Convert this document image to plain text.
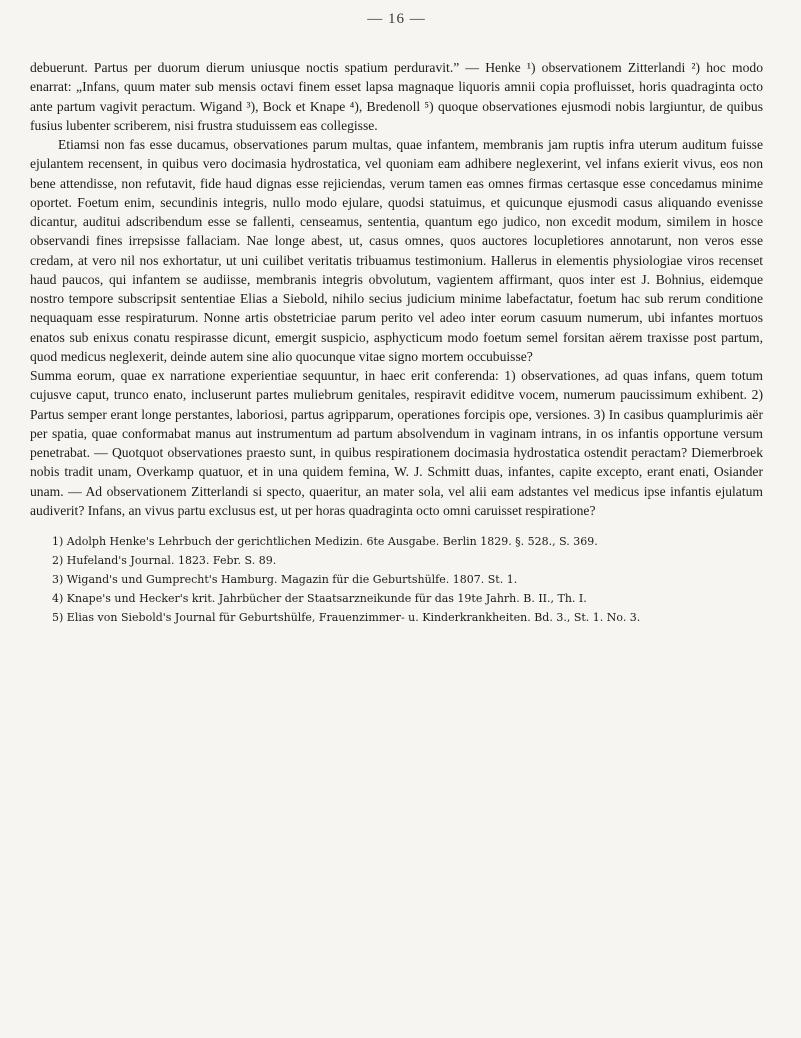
— 16 —

debuerunt. Partus per duorum dierum uniusque noctis spatium perduravit.” — Henke ¹) observationem Zitterlandi ²) hoc modo enarrat: „Infans, quum mater sub mensis octavi finem esset lapsa magnaque liquoris amnii copia profluisset, horis quadraginta octo ante partum vagivit peractum. Wigand ³), Bock et Knape ⁴), Bredenoll ⁵) quoque observationes ejusmodi nobis largiuntur, de quibus fusius lubenter scriberem, nisi frustra studuissem eas collegisse.

Etiamsi non fas esse ducamus, observationes parum multas, quae infantem, membranis jam ruptis infra uterum auditum fuisse ejulantem recensent, in quibus vero docimasia hydrostatica, vel quoniam eam adhibere neglexerint, vel infans exierit vivus, eos non bene attendisse, non refutavit, fide haud dignas esse rejiciendas, verum tamen eas omnes firmas certasque esse concedamus minime oportet. Foetum enim, secundinis integris, nullo modo ejulare, quodsi statuimus, et quicunque ejusmodi casus aliquando evenisse dicantur, auditui adscribendum esse se fallenti, censeamus, sententia, quantum ego judico, non excedit modum, similem in hosce observandi fines irrepsisse fallaciam. Nae longe abest, ut, casus omnes, quos auctores locupletiores annotarunt, non veros esse credam, at vero nil nos exhortatur, ut uni cuilibet veritatis tribuamus testimonium. Hallerus in elementis physiologiae viros recenset haud paucos, qui infantem se audiisse, membranis integris obvolutum, vagientem affirmant, quos inter est J. Bohnius, eidemque nostro tempore subscripsit sententiae Elias a Siebold, nihilo secius judicium minime labefactatur, foetum hac sub rerum conditione nequaquam esse respiraturum. Nonne artis obstetriciae parum perito vel adeo inter eorum casuum numerum, ubi infantes mortuos enatos sub enixus conatu respirasse dicunt, emergit suspicio, asphycticum modo foetum semel forsitan aërem traxisse post partum, quod medicus neglexerit, deinde autem sine alio quocunque vitae signo mortem occubuisse?

Summa eorum, quae ex narratione experientiae sequuntur, in haec erit conferenda: 1) observationes, ad quas infans, quem totum cujusve caput, trunco enato, incluserunt partes muliebrum genitales, respiravit ediditve vocem, numerum paucissimum exhibent. 2) Partus semper erant longe perstantes, laboriosi, partus agripparum, operationes forcipis ope, versiones. 3) In casibus quamplurimis aër per spatia, quae conformabat manus aut instrumentum ad partum absolvendum in vaginam intrans, in os infantis opportune versum penetrabat. — Quotquot observationes praesto sunt, in quibus respirationem docimasia hydrostatica ostendit peractam? Diemerbroek nobis tradit unam, Overkamp quatuor, et in una quidem femina, W. J. Schmitt duas, infantes, capite excepto, erant enati, Osiander unam. — Ad observationem Zitterlandi si specto, quaeritur, an mater sola, vel alii eam adstantes vel medicus ipse infantis ejulatum audiverit? Infans, an vivus partu exclusus est, ut per horas quadraginta octo omni caruisset respiratione?

1) Adolph Henke's Lehrbuch der gerichtlichen Medizin. 6te Ausgabe. Berlin 1829. §. 528., S. 369.
2) Hufeland's Journal. 1823. Febr. S. 89.
3) Wigand's und Gumprecht's Hamburg. Magazin für die Geburtshülfe. 1807. St. 1.
4) Knape's und Hecker's krit. Jahrbücher der Staatsarzneikunde für das 19te Jahrh. B. II., Th. I.
5) Elias von Siebold's Journal für Geburtshülfe, Frauenzimmer- u. Kinderkrankheiten. Bd. 3., St. 1. No. 3.
